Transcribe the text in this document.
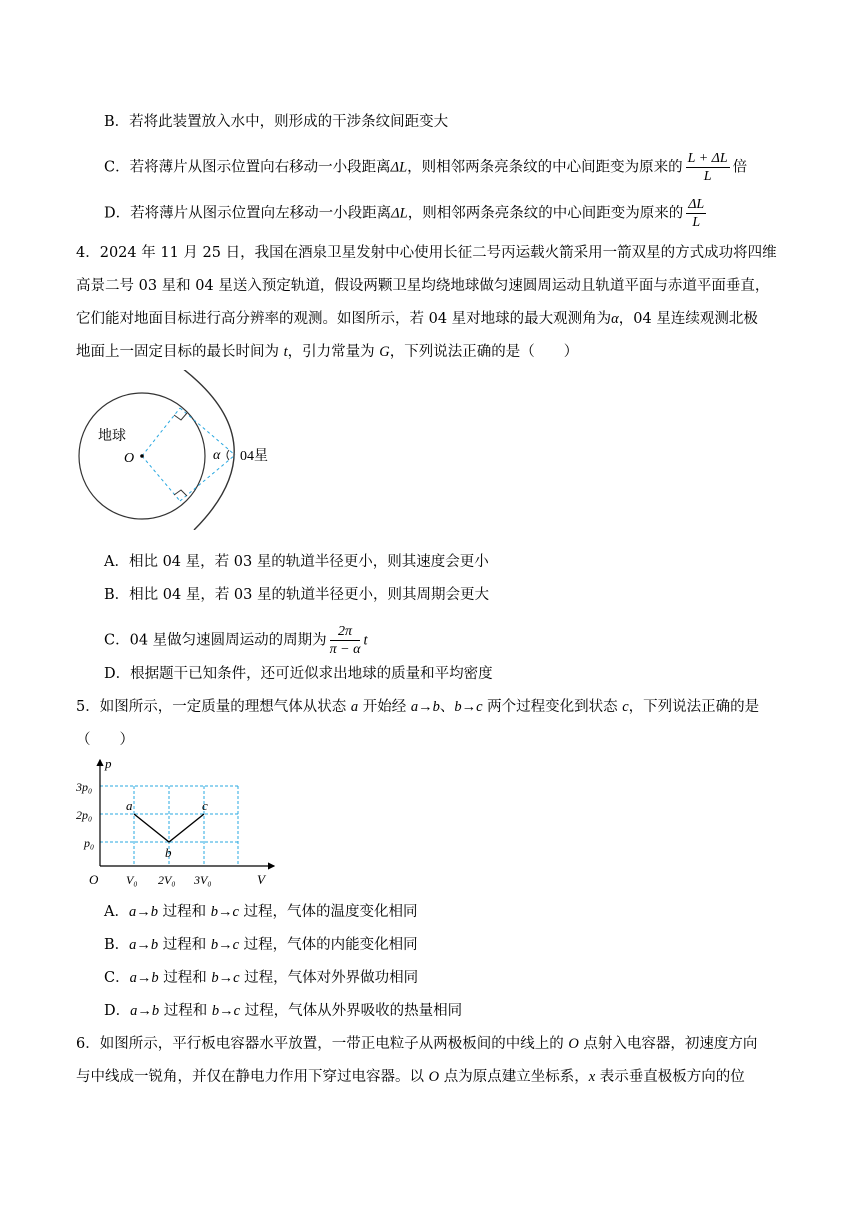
B．若将此装置放入水中，则形成的干涉条纹间距变大
C．若将薄片从图示位置向右移动一小段距离ΔL，则相邻两条亮条纹的中心间距变为原来的 $\frac{L + \Delta L}{L}$ 倍
D．若将薄片从图示位置向左移动一小段距离ΔL，则相邻两条亮条纹的中心间距变为原来的 $\frac{\Delta L}{L}$
4．2024 年 11 月 25 日，我国在酒泉卫星发射中心使用长征二号丙运载火箭采用一箭双星的方式成功将四维
高景二号 03 星和 04 星送入预定轨道，假设两颗卫星均绕地球做匀速圆周运动且轨道平面与赤道平面垂直，
它们能对地面目标进行高分辨率的观测。如图所示，若 04 星对地球的最大观测角为α，04 星连续观测北极
地面上一固定目标的最长时间为 t，引力常量为 G，下列说法正确的是（　　）
地球
O	α 04星
A．相比 04 星，若 03 星的轨道半径更小，则其速度会更小
B．相比 04 星，若 03 星的轨道半径更小，则其周期会更大
C．04 星做匀速圆周运动的周期为 $\frac{2\pi}{\pi - \alpha}$ t
D．根据题干已知条件，还可近似求出地球的质量和平均密度
5．如图所示，一定质量的理想气体从状态 a 开始经 a→b、b→c 两个过程变化到状态 c，下列说法正确的是
（　　）
p
V
O
3p₀
2p₀
p₀
V₀ 2V₀ 3V₀
a
b
c
A．a→b 过程和 b→c 过程，气体的温度变化相同
B．a→b 过程和 b→c 过程，气体的内能变化相同
C．a→b 过程和 b→c 过程，气体对外界做功相同
D．a→b 过程和 b→c 过程，气体从外界吸收的热量相同
6．如图所示，平行板电容器水平放置，一带正电粒子从两极板间的中线上的 O 点射入电容器，初速度方向
与中线成一锐角，并仅在静电力作用下穿过电容器。以 O 点为原点建立坐标系，x 表示垂直极板方向的位
